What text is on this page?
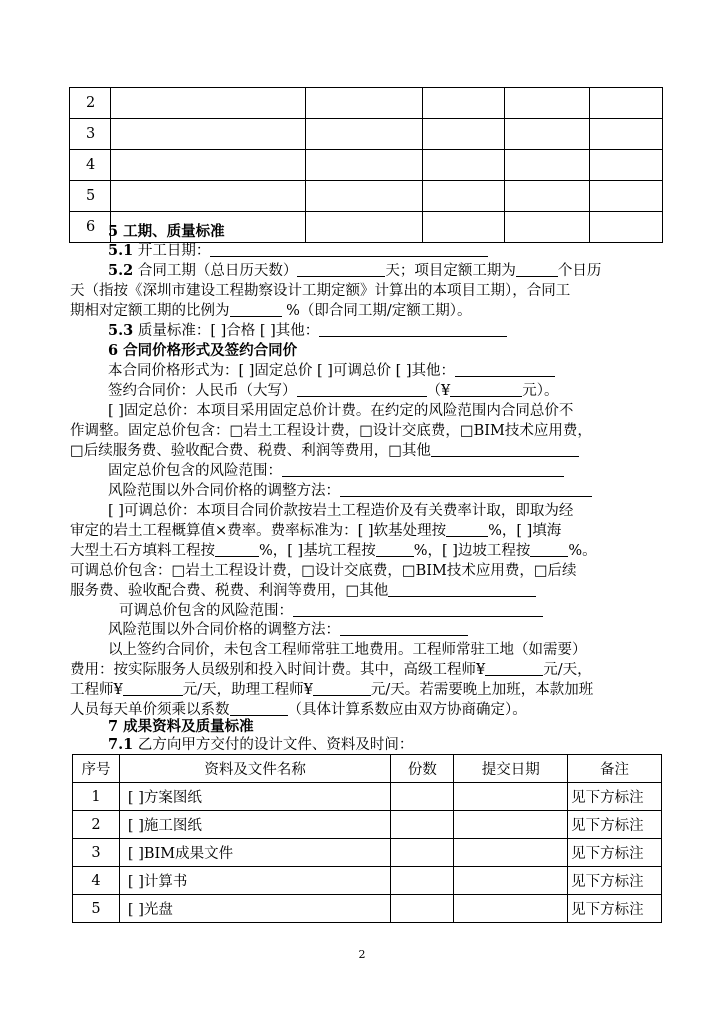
2					
3					
4					
5					
6					5 工期、质量标准
5.1 开工日期：
5.2 合同工期（总日历天数）	天；项目定额工期为	个日历
天（指按《深圳市建设工程勘察设计工期定额》计算出的本项目工期），合同工
期相对定额工期的比例为	%（即合同工期/定额工期）。
5.3 质量标准：[ ]合格 [ ]其他：
6 合同价格形式及签约合同价
本合同价格形式为：[ ]固定总价 [ ]可调总价 [ ]其他：
签约合同价：人民币（大写）	（¥	元）。
[ ]固定总价：本项目采用固定总价计费。在约定的风险范围内合同总价不
作调整。固定总价包含：□岩土工程设计费，□设计交底费，□BIM技术应用费，
□后续服务费、验收配合费、税费、利润等费用，□其他
固定总价包含的风险范围：
风险范围以外合同价格的调整方法：
[ ]可调总价：本项目合同价款按岩土工程造价及有关费率计取，即取为经
审定的岩土工程概算值×费率。费率标准为：[ ]软基处理按	%，[ ]填海
大型土石方填料工程按	%，[ ]基坑工程按	%，[ ]边坡工程按	%。
可调总价包含：□岩土工程设计费，□设计交底费，□BIM技术应用费，□后续
服务费、验收配合费、税费、利润等费用，□其他
可调总价包含的风险范围：
风险范围以外合同价格的调整方法：
以上签约合同价，未包含工程师常驻工地费用。工程师常驻工地（如需要）
费用：按实际服务人员级别和投入时间计费。其中，高级工程师¥	元/天，
工程师¥	元/天，助理工程师¥	元/天。若需要晚上加班，本款加班
人员每天单价须乘以系数	（具体计算系数应由双方协商确定）。
序号	资料及文件名称	份数	提交日期	备注
1	[ ]方案图纸			见下方标注
2	[ ]施工图纸			见下方标注
3	[ ]BIM成果文件			见下方标注
4	[ ]计算书			见下方标注
5	[ ]光盘			见下方标注
2
7 成果资料及质量标准
7.1 乙方向甲方交付的设计文件、资料及时间：
